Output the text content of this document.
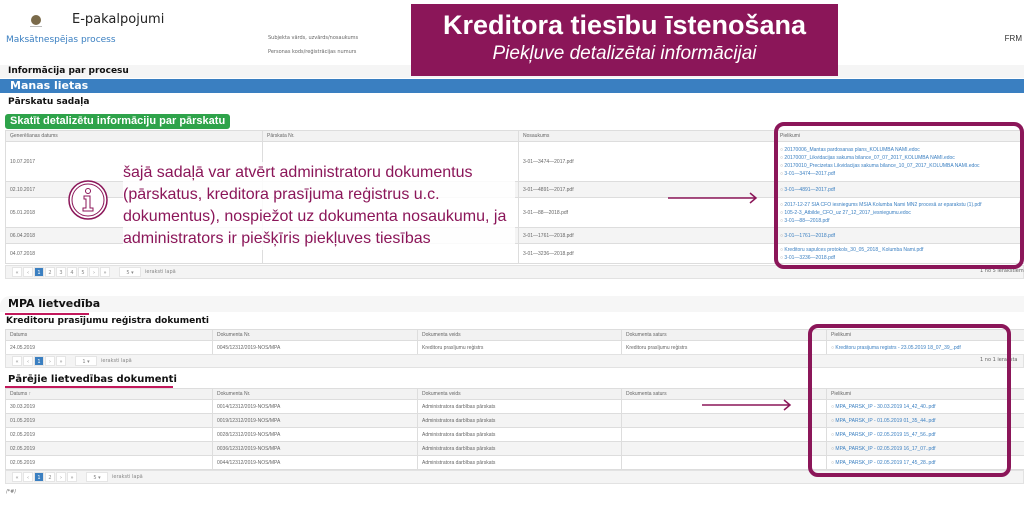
E-pakalpojumi
Maksātnespējas process	Subjekta vārds, uzvārds/nosaukums
Personas kods/reģistrācijas numurs
FRM
Informācija par procesu
Manas lietas
Kreditora tiesību īstenošana
Piekļuve detalizētai informācijai
Pārskatu sadaļa
Skatīt detalizētu informāciju par pārskatu
Ģenerēšanas datums	Pārskata Nr.	Nosaukums	Pielikumi
10.07.2017		3-01—3474—2017.pdf	○ 20170006_Mantas pardosanas plans_KOLUMBA NAMI.edoc
○ 20170007_Likvidacijas sakuma bilance_07_07_2017_KOLUMBA NAMI.edoc
○ 20170010_Precizetas Likvidacijas sakuma bilance_10_07_2017_KOLUMBA NAMI.edoc
○ 3-01—3474—2017.pdf

02.10.2017		3-01—4891—2017.pdf	○ 3-01—4891—2017.pdf

05.01.2018		3-01—88—2018.pdf	○ 2017-12-27 SIA CFO iesniegums MSIA Kolumba Nami MN2 procesā ar eparakstu (1).pdf
○ 105-2-3_Atbilde_CFO_uz 27_12_2017_iesniegumu.edoc
○ 3-01—88—2018.pdf

06.04.2018		3-01—1761—2018.pdf	○ 3-01—1761—2018.pdf

04.07.2018		3-01—3236—2018.pdf	○ Kreditoru sapulces protokols_30_05_2018_ Kolumba Nami.pdf
○ 3-01—3236—2018.pdf
«	‹	1	2	3	4	5	›	»	5 ▾	ieraksti lapā	1 no 5 ierakstiem
šajā sadaļā var atvērt administratoru dokumentus (pārskatus, kreditora prasījuma reģistrus u.c. dokumentus), nospiežot uz dokumenta nosaukumu, ja administrators ir piešķīris piekļuves tiesības
MPA lietvedība
Kreditoru prasījumu reģistra dokumenti
Datums	Dokumenta Nr.	Dokumenta veids	Dokumenta saturs	Pielikumi
24.05.2019	0045/12312/2019-NOS/MPA	Kreditoru prasījumu reģistrs	Kreditoru prasījumu reģistrs	○ Kreditoru prasijuma registrs - 23.05.2019 18_07_39_.pdf
«	‹	1	›	»	1 ▾	ieraksti lapā	1 no 1 ieraksta
Pārējie lietvedības dokumenti
Datums ↑	Dokumenta Nr.	Dokumenta veids	Dokumenta saturs	Pielikumi
30.03.2019	0014/12312/2019-NOS/MPA	Administratora darbības pārskats		○ MPA_PARSK_IP - 30.03.2019 14_42_40..pdf

01.05.2019	0019/12312/2019-NOS/MPA	Administratora darbības pārskats		○ MPA_PARSK_IP - 01.05.2019 01_35_44..pdf

02.05.2019	0028/12312/2019-NOS/MPA	Administratora darbības pārskats		○ MPA_PARSK_IP - 02.05.2019 15_47_56..pdf

02.05.2019	0036/12312/2019-NOS/MPA	Administratora darbības pārskats		○ MPA_PARSK_IP - 02.05.2019 16_17_07..pdf

02.05.2019	0044/12312/2019-NOS/MPA	Administratora darbības pārskats		○ MPA_PARSK_IP - 02.05.2019 17_45_28..pdf
«	‹	1	2	›	»	5 ▾	ieraksti lapā
/*#/
